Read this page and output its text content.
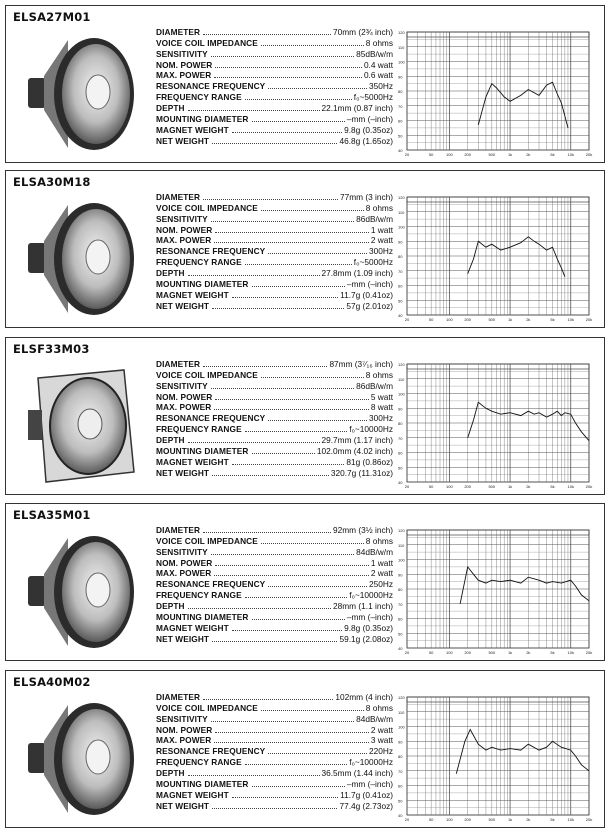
ELSA27M01
DIAMETER	70mm (2¾ inch)
VOICE COIL IMPEDANCE	8 ohms
SENSITIVITY	85dB/w/m
NOM. POWER	0.4 watt
MAX. POWER	0.6 watt
RESONANCE FREQUENCY	350Hz
FREQUENCY RANGE	f₀~5000Hz
DEPTH	22.1mm (0.87 inch)
MOUNTING DIAMETER	–mm (–inch)
MAGNET WEIGHT	9.8g (0.35oz)
NET WEIGHT	46.8g (1.65oz)
120
110
100
90
80
70
60
50
40
20	50	100	200	500	1k	2k	5k	10k	20k
ELSA30M18
DIAMETER	77mm (3 inch)
VOICE COIL IMPEDANCE	8 ohms
SENSITIVITY	86dB/w/m
NOM. POWER	1 watt
MAX. POWER	2 watt
RESONANCE FREQUENCY	300Hz
FREQUENCY RANGE	f₀~5000Hz
DEPTH	27.8mm (1.09 inch)
MOUNTING DIAMETER	–mm (–inch)
MAGNET WEIGHT	11.7g (0.41oz)
NET WEIGHT	57g (2.01oz)
120
110
100
90
80
70
60
50
40
20	50	100	200	500	1k	2k	5k	10k	20k
ELSF33M03
DIAMETER	87mm (3⁷⁄₁₆ inch)
VOICE COIL IMPEDANCE	8 ohms
SENSITIVITY	86dB/w/m
NOM. POWER	5 watt
MAX. POWER	8 watt
RESONANCE FREQUENCY	300Hz
FREQUENCY RANGE	f₀~10000Hz
DEPTH	29.7mm (1.17 inch)
MOUNTING DIAMETER	102.0mm (4.02 inch)
MAGNET WEIGHT	81g (0.86oz)
NET WEIGHT	320.7g (11.31oz)
120
110
100
90
80
70
60
50
40
20	50	100	200	500	1k	2k	5k	10k	20k
ELSA35M01
DIAMETER	92mm (3½ inch)
VOICE COIL IMPEDANCE	8 ohms
SENSITIVITY	84dB/w/m
NOM. POWER	1 watt
MAX. POWER	2 watt
RESONANCE FREQUENCY	250Hz
FREQUENCY RANGE	f₀~10000Hz
DEPTH	28mm (1.1 inch)
MOUNTING DIAMETER	–mm (–inch)
MAGNET WEIGHT	9.8g (0.35oz)
NET WEIGHT	59.1g (2.08oz)
120
110
100
90
80
70
60
50
40
20	50	100	200	500	1k	2k	5k	10k	20k
ELSA40M02
DIAMETER	102mm (4 inch)
VOICE COIL IMPEDANCE	8 ohms
SENSITIVITY	84dB/w/m
NOM. POWER	2 watt
MAX. POWER	3 watt
RESONANCE FREQUENCY	220Hz
FREQUENCY RANGE	f₀~10000Hz
DEPTH	36.5mm (1.44 inch)
MOUNTING DIAMETER	–mm (–inch)
MAGNET WEIGHT	11.7g (0.41oz)
NET WEIGHT	77.4g (2.73oz)
120
110
100
90
80
70
60
50
40
20	50	100	200	500	1k	2k	5k	10k	20k
